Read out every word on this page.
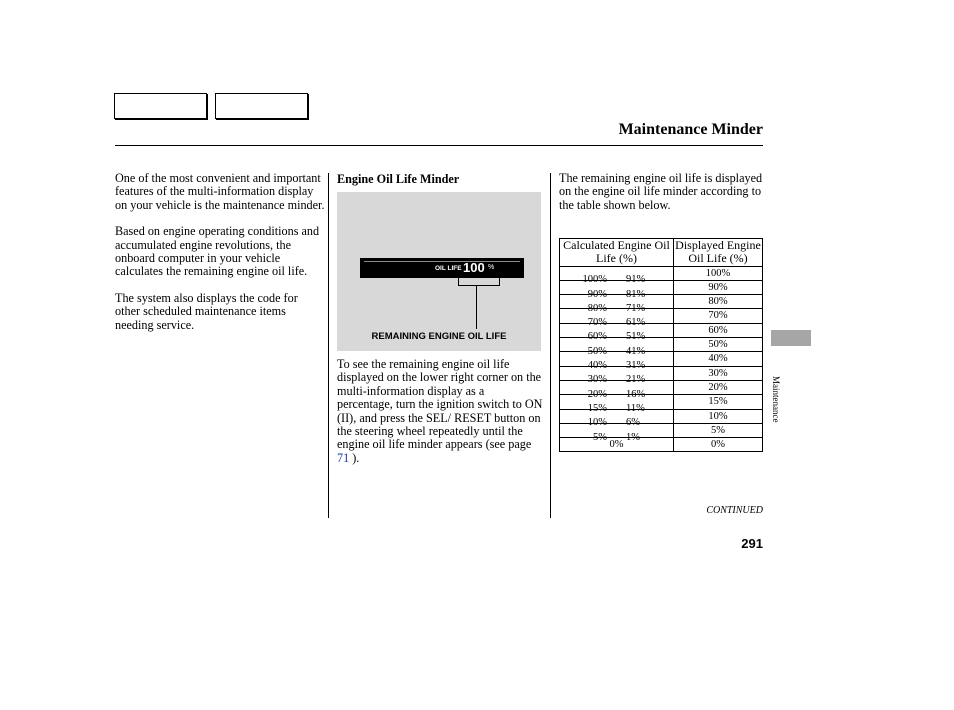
Maintenance Minder

One of the most convenient and important features of the multi-information display on your vehicle is the maintenance minder.

Based on engine operating conditions and accumulated engine revolutions, the onboard computer in your vehicle calculates the remaining engine oil life.

The system also displays the code for other scheduled maintenance items needing service.

Engine Oil Life Minder
OIL LIFE 100 %
REMAINING ENGINE OIL LIFE
To see the remaining engine oil life displayed on the lower right corner on the multi-information display as a percentage, turn the ignition switch to ON (II), and press the SEL/ RESET button on the steering wheel repeatedly until the engine oil life minder appears (see page 71 ).
The remaining engine oil life is displayed on the engine oil life minder according to the table shown below.
Calculated Engine Oil Life (%)	Displayed Engine Oil Life (%)

100% 91%	100%

90% 81%	90%

80% 71%	80%

70% 61%	70%

60% 51%	60%

50% 41%	50%

40% 31%	40%

30% 21%	30%

20% 16%	20%

15% 11%	15%

10% 6%	10%

5% 1%	5%
0%	0%
Maintenance
CONTINUED
291
